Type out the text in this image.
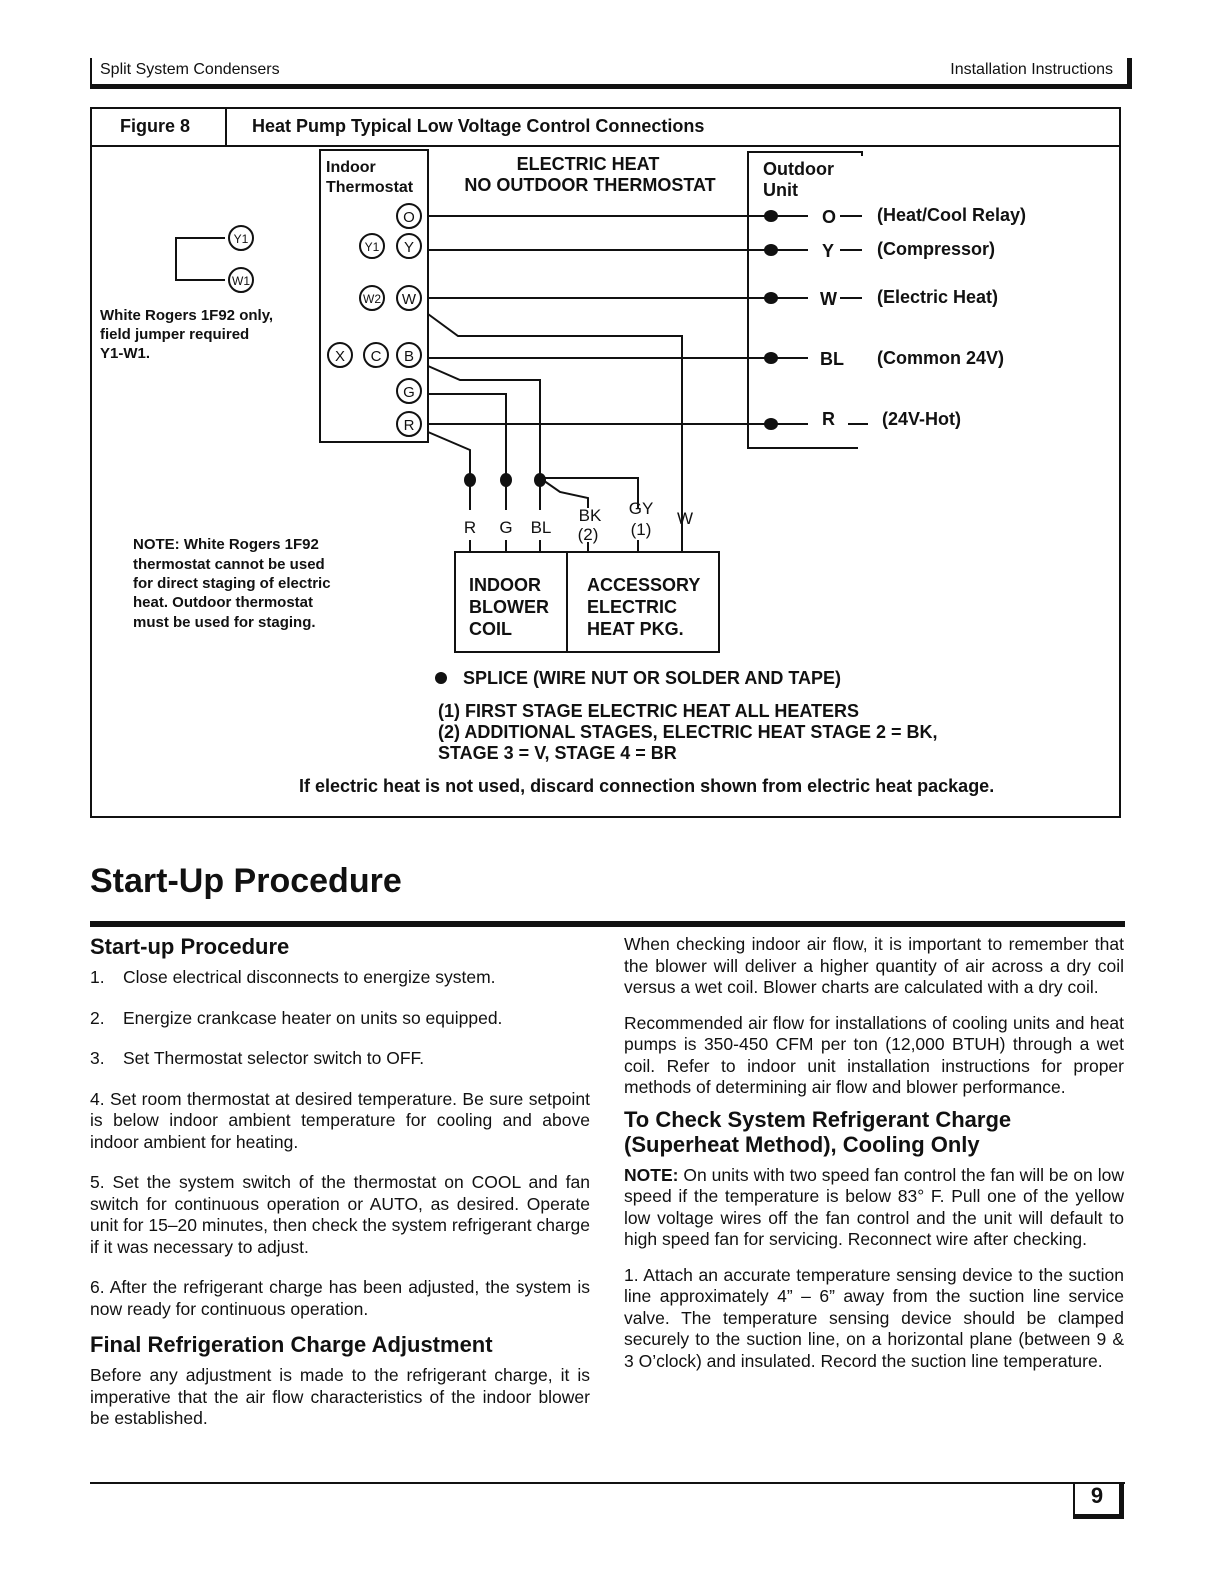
Split System Condensers	Installation Instructions
Figure 8	Heat Pump Typical Low Voltage Control Connections
O
Y1 Y
W2 W
X C B
G
R
Y1
W1
Indoor
Thermostat
ELECTRIC HEAT
NO OUTDOOR THERMOSTAT
Outdoor
Unit
O (Heat/Cool Relay)
Y (Compressor)
W (Electric Heat)
BL (Common 24V)
R	(24V-Hot)
White Rogers 1F92 only,
field jumper required
Y1-W1.
NOTE: White Rogers 1F92
thermostat cannot be used
for direct staging of electric
heat. Outdoor thermostat
must be used for staging.
R G BL
BK
(2)
GY
(1)
W
INDOOR
BLOWER
COIL
ACCESSORY
ELECTRIC
HEAT PKG.
SPLICE (WIRE NUT OR SOLDER AND TAPE)
(1) FIRST STAGE ELECTRIC HEAT ALL HEATERS
(2) ADDITIONAL STAGES, ELECTRIC HEAT STAGE 2 = BK,
STAGE 3 = V, STAGE 4 = BR
If electric heat is not used, discard connection shown from electric heat package.
Start-Up Procedure
Start-up Procedure
1. Close electrical disconnects to energize system.
2. Energize crankcase heater on units so equipped.
3. Set Thermostat selector switch to OFF.

4. Set room thermostat at desired temperature. Be sure setpoint is below indoor ambient temperature for cooling and above indoor ambient for heating.

5. Set the system switch of the thermostat on COOL and fan switch for continuous operation or AUTO, as desired. Operate unit for 15–20 minutes, then check the system refrigerant charge if it was necessary to adjust.

6. After the refrigerant charge has been adjusted, the system is now ready for continuous operation.

Final Refrigeration Charge Adjustment

Before any adjustment is made to the refrigerant charge, it is imperative that the air flow characteristics of the indoor blower be established.

When checking indoor air flow, it is important to remember that the blower will deliver a higher quantity of air across a dry coil versus a wet coil. Blower charts are calculated with a dry coil.

Recommended air flow for installations of cooling units and heat pumps is 350-450 CFM per ton (12,000 BTUH) through a wet coil. Refer to indoor unit installation instructions for proper methods of determining air flow and blower performance.

To Check System Refrigerant Charge (Superheat Method), Cooling Only

NOTE: On units with two speed fan control the fan will be on low speed if the temperature is below 83° F. Pull one of the yellow low voltage wires off the fan control and the unit will default to high speed fan for servicing. Reconnect wire after checking.

1. Attach an accurate temperature sensing device to the suction line approximately 4” – 6” away from the suction line service valve. The temperature sensing device should be clamped securely to the suction line, on a horizontal plane (between 9 & 3 O’clock) and insulated. Record the suction line temperature.

9
